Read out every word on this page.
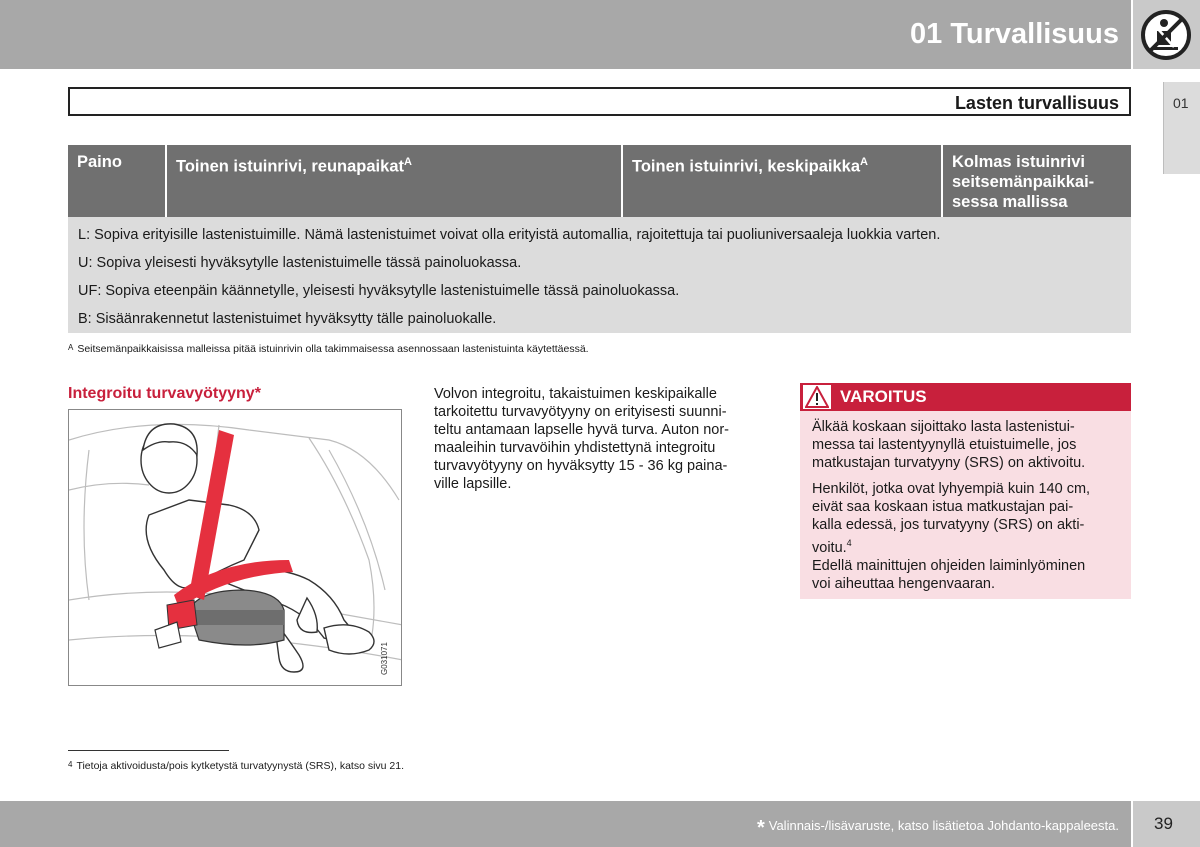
01 Turvallisuus
01
Lasten turvallisuus
Paino	Toinen istuinrivi, reunapaikat$^A$	Toinen istuinrivi, keskipaikka$^A$	Kolmas istuinrivi
seitsemänpaikkai-
sessa mallissa
L: Sopiva erityisille lastenistuimille. Nämä lastenistuimet voivat olla erityistä automallia, rajoitettuja tai puoliuniversaaleja luokkia varten.
U: Sopiva yleisesti hyväksytylle lastenistuimelle tässä painoluokassa.
UF: Sopiva eteenpäin käännetylle, yleisesti hyväksytylle lastenistuimelle tässä painoluokassa.
B: Sisäänrakennetut lastenistuimet hyväksytty tälle painoluokalle.
$^A$ Seitsemänpaikkaisissa malleissa pitää istuinrivin olla takimmaisessa asennossaan lastenistuinta käytettäessä.
Integroitu turvavyötyyny*
G031071
Volvon integroitu, takaistuimen keskipaikalle
tarkoitettu turvavyötyyny on erityisesti suunni-
teltu antamaan lapselle hyvä turva. Auton nor-
maaleihin turvavöihin yhdistettynä integroitu
turvavyötyyny on hyväksytty 15 - 36 kg paina-
ville lapsille.
VAROITUS
Älkää koskaan sijoittako lasta lastenistui-
messa tai lastentyynyllä etuistuimelle, jos
matkustajan turvatyyny (SRS) on aktivoitu.
Henkilöt, jotka ovat lyhyempiä kuin 140 cm,
eivät saa koskaan istua matkustajan pai-
kalla edessä, jos turvatyyny (SRS) on akti-
voitu.$^4$
Edellä mainittujen ohjeiden laiminlyöminen
voi aiheuttaa hengenvaaran.
$^4$ Tietoja aktivoidusta/pois kytketystä turvatyynystä (SRS), katso sivu 21.
* Valinnais-/lisävaruste, katso lisätietoa Johdanto-kappaleesta. 39
